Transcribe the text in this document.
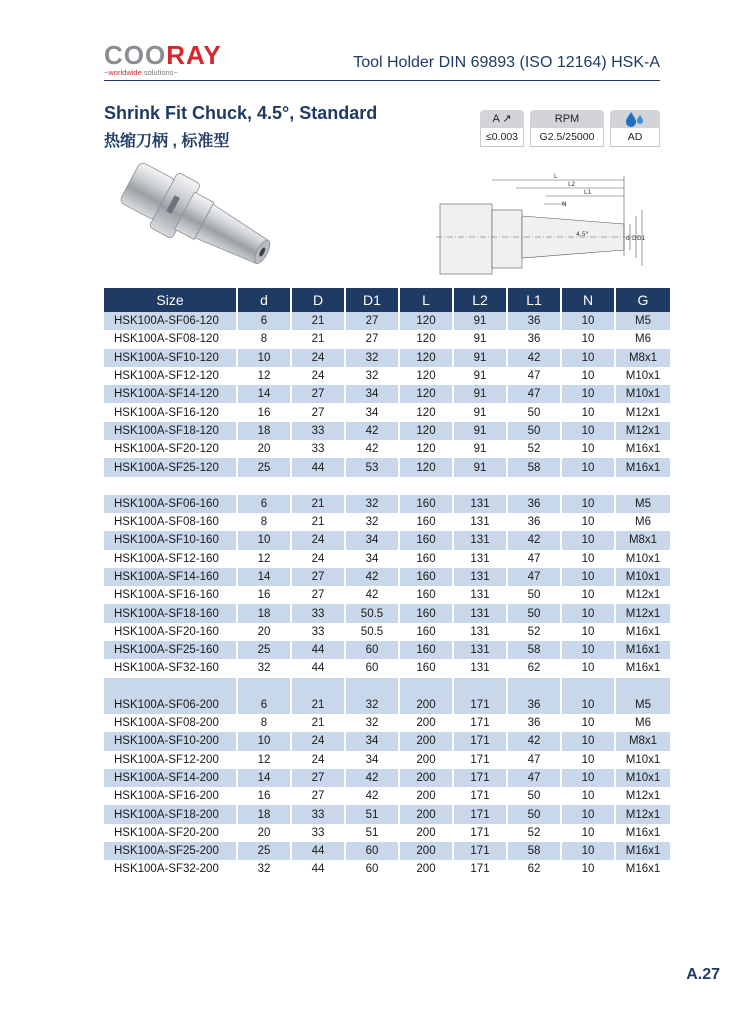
COORAY
~worldwide solutions~
Tool Holder DIN 69893 (ISO 12164) HSK-A
Shrink Fit Chuck, 4.5°, Standard
热缩刀柄 , 标准型
A ↗
≤0.003
RPM
G2.5/25000	AD
L
L2
L1
N
4.5°
d D D1
Size	d	D	D1	L	L2	L1	N	G
HSK100A-SF06-120	6	21	27	120	91	36	10	M5
HSK100A-SF08-120	8	21	27	120	91	36	10	M6
HSK100A-SF10-120	10	24	32	120	91	42	10	M8x1
HSK100A-SF12-120	12	24	32	120	91	47	10	M10x1
HSK100A-SF14-120	14	27	34	120	91	47	10	M10x1
HSK100A-SF16-120	16	27	34	120	91	50	10	M12x1
HSK100A-SF18-120	18	33	42	120	91	50	10	M12x1
HSK100A-SF20-120	20	33	42	120	91	52	10	M16x1
HSK100A-SF25-120	25	44	53	120	91	58	10	M16x1

HSK100A-SF06-160	6	21	32	160	131	36	10	M5
HSK100A-SF08-160	8	21	32	160	131	36	10	M6
HSK100A-SF10-160	10	24	34	160	131	42	10	M8x1
HSK100A-SF12-160	12	24	34	160	131	47	10	M10x1
HSK100A-SF14-160	14	27	42	160	131	47	10	M10x1
HSK100A-SF16-160	16	27	42	160	131	50	10	M12x1
HSK100A-SF18-160	18	33	50.5	160	131	50	10	M12x1
HSK100A-SF20-160	20	33	50.5	160	131	52	10	M16x1
HSK100A-SF25-160	25	44	60	160	131	58	10	M16x1
HSK100A-SF32-160	32	44	60	160	131	62	10	M16x1

HSK100A-SF06-200	6	21	32	200	171	36	10	M5
HSK100A-SF08-200	8	21	32	200	171	36	10	M6
HSK100A-SF10-200	10	24	34	200	171	42	10	M8x1
HSK100A-SF12-200	12	24	34	200	171	47	10	M10x1
HSK100A-SF14-200	14	27	42	200	171	47	10	M10x1
HSK100A-SF16-200	16	27	42	200	171	50	10	M12x1
HSK100A-SF18-200	18	33	51	200	171	50	10	M12x1
HSK100A-SF20-200	20	33	51	200	171	52	10	M16x1
HSK100A-SF25-200	25	44	60	200	171	58	10	M16x1
HSK100A-SF32-200	32	44	60	200	171	62	10	M16x1
A.27
